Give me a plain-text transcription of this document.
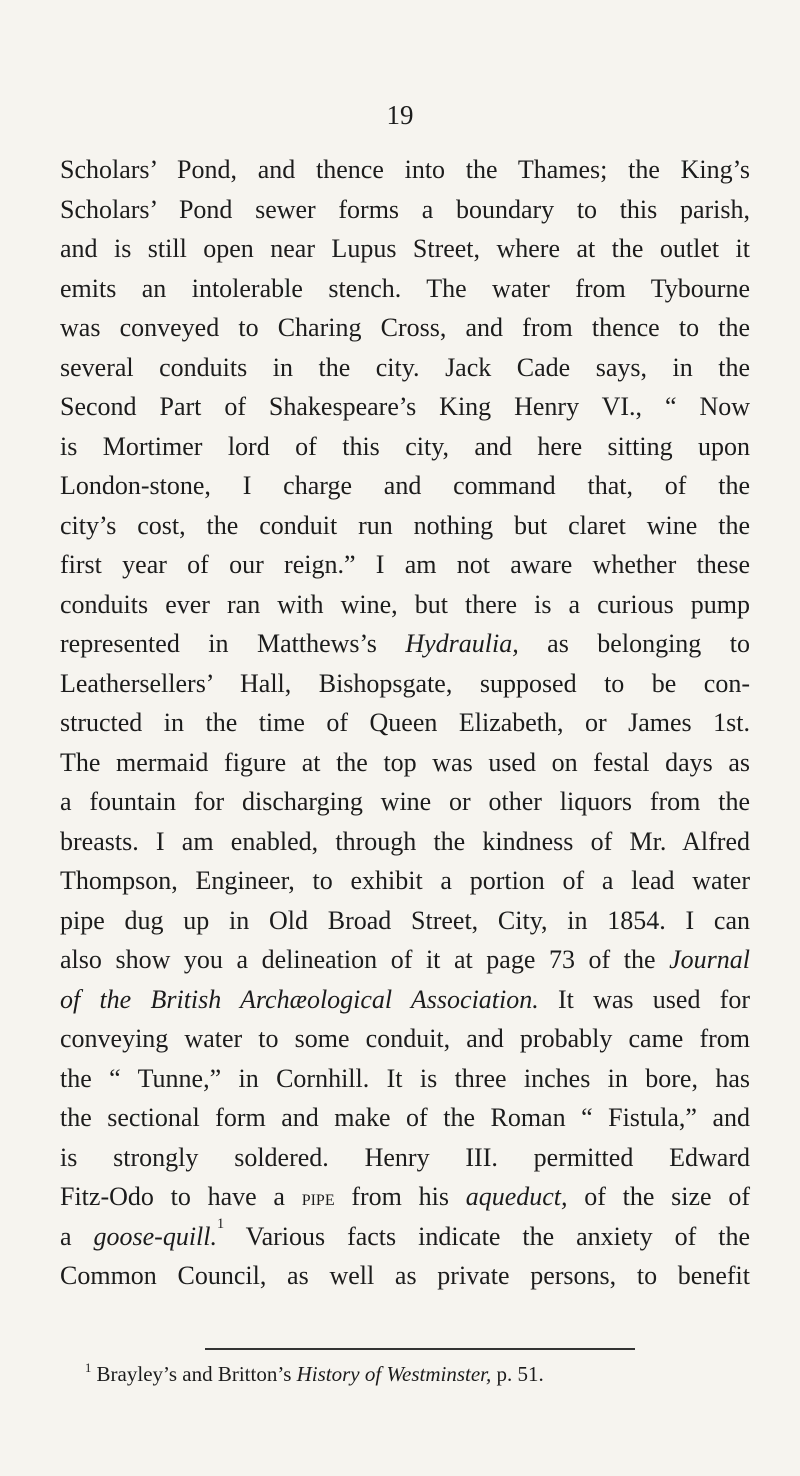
19
Scholars’ Pond, and thence into the Thames; the King’s
Scholars’ Pond sewer forms a boundary to this parish,
and is still open near Lupus Street, where at the outlet it
emits an intolerable stench. The water from Tybourne
was conveyed to Charing Cross, and from thence to the
several conduits in the city. Jack Cade says, in the
Second Part of Shakespeare’s King Henry VI., “ Now
is Mortimer lord of this city, and here sitting upon
London-stone, I charge and command that, of the
city’s cost, the conduit run nothing but claret wine the
first year of our reign.” I am not aware whether these
conduits ever ran with wine, but there is a curious pump
represented in Matthews’s Hydraulia, as belonging to
Leathersellers’ Hall, Bishopsgate, supposed to be con-
structed in the time of Queen Elizabeth, or James 1st.
The mermaid figure at the top was used on festal days as
a fountain for discharging wine or other liquors from the
breasts. I am enabled, through the kindness of Mr. Alfred
Thompson, Engineer, to exhibit a portion of a lead water
pipe dug up in Old Broad Street, City, in 1854. I can
also show you a delineation of it at page 73 of the Journal
of the British Archæological Association. It was used for
conveying water to some conduit, and probably came from
the “ Tunne,” in Cornhill. It is three inches in bore, has
the sectional form and make of the Roman “ Fistula,” and
is strongly soldered. Henry III. permitted Edward
Fitz-Odo to have a pipe from his aqueduct, of the size of
a goose-quill.$^1$ Various facts indicate the anxiety of the
Common Council, as well as private persons, to benefit
$^1$ Brayley’s and Britton’s History of Westminster, p. 51.
